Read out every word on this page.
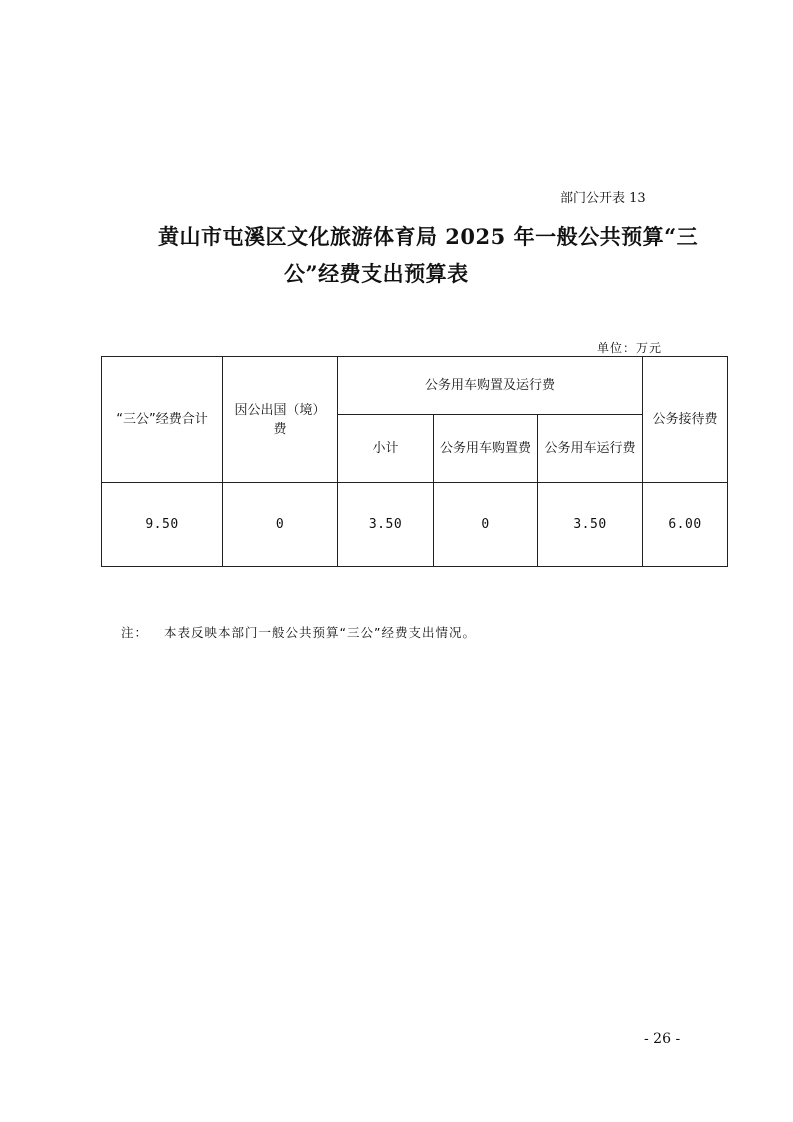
部门公开表 13
黄山市屯溪区文化旅游体育局 2025 年一般公共预算“三
公”经费支出预算表
单位：万元
“三公”经费合计	因公出国（境）费	公务用车购置及运行费			公务接待费
		小计	公务用车购置费	公务用车运行费	
9.50	0	3.50	0	3.50	6.00
注： 本表反映本部门一般公共预算“三公”经费支出情况。
- 26 -
